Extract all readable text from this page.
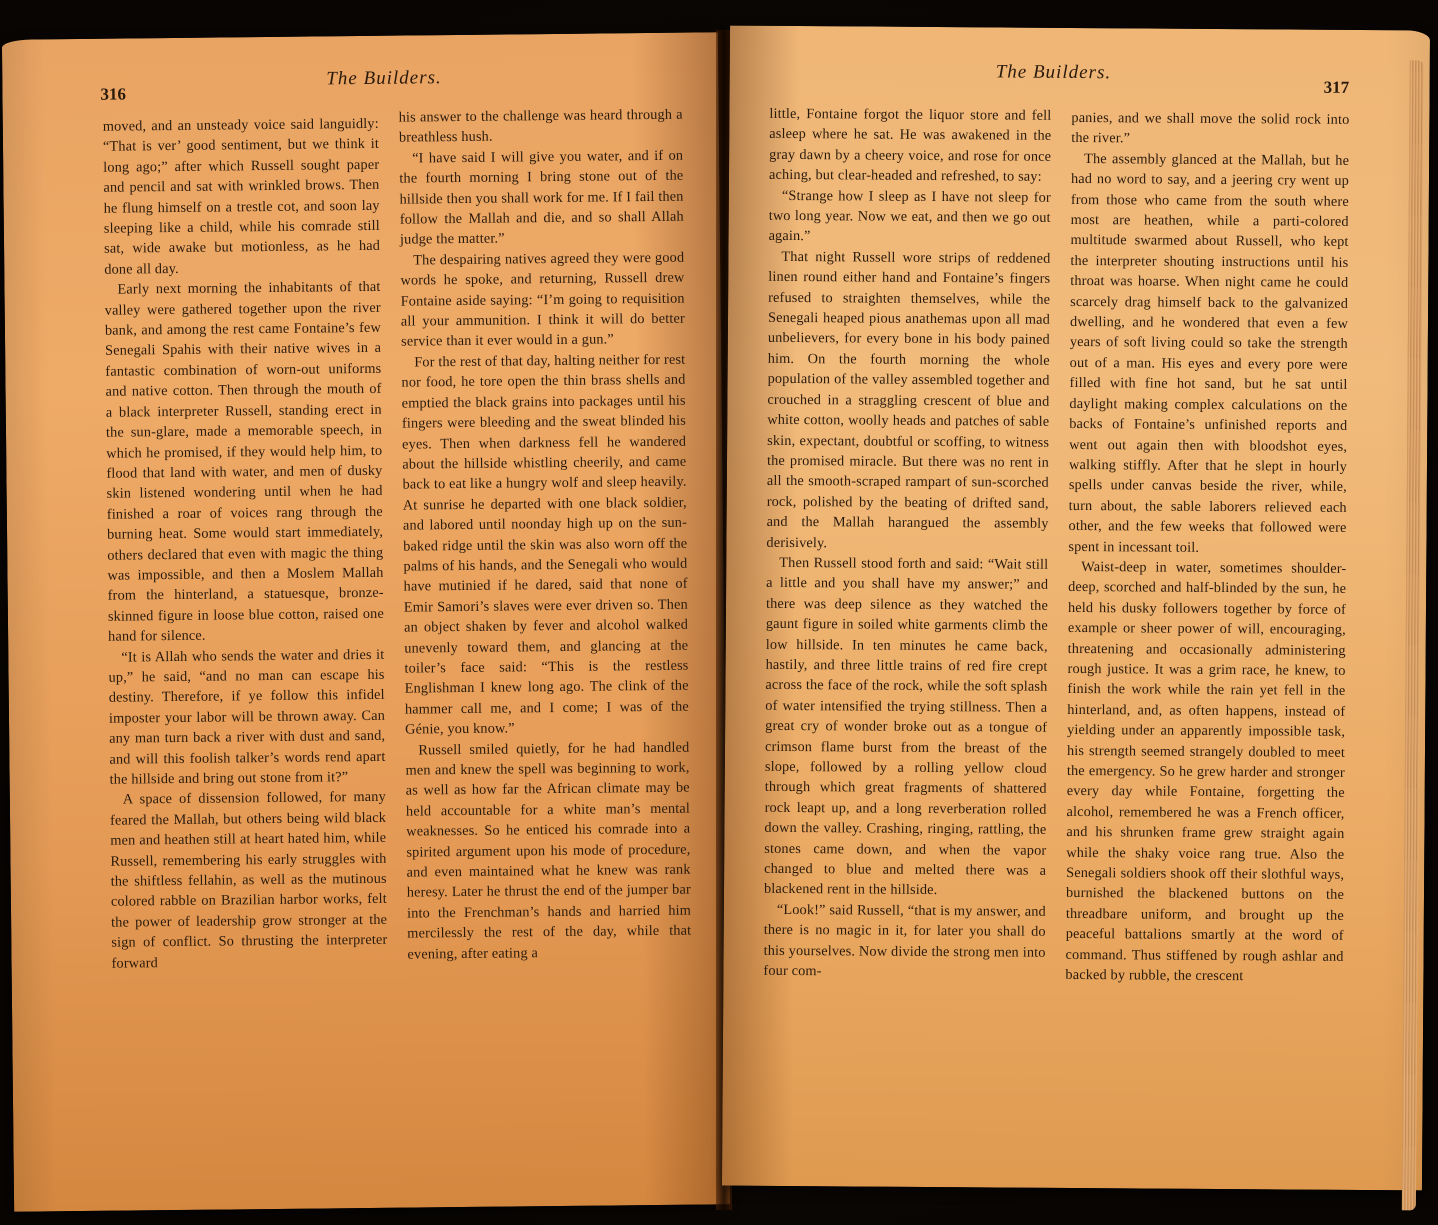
316
The Builders.

moved, and an unsteady voice said languidly: “That is ver’ good sentiment, but we think it long ago;” after which Russell sought paper and pencil and sat with wrinkled brows. Then he flung himself on a trestle cot, and soon lay sleeping like a child, while his comrade still sat, wide awake but motionless, as he had done all day.

Early next morning the inhabitants of that valley were gathered together upon the river bank, and among the rest came Fontaine’s few Senegali Spahis with their native wives in a fantastic combination of worn-out uniforms and native cotton. Then through the mouth of a black interpreter Russell, standing erect in the sun-glare, made a memorable speech, in which he promised, if they would help him, to flood that land with water, and men of dusky skin listened wondering until when he had finished a roar of voices rang through the burning heat. Some would start immediately, others declared that even with magic the thing was impossible, and then a Moslem Mallah from the hinterland, a statuesque, bronze-skinned figure in loose blue cotton, raised one hand for silence.

“It is Allah who sends the water and dries it up,” he said, “and no man can escape his destiny. Therefore, if ye follow this infidel imposter your labor will be thrown away. Can any man turn back a river with dust and sand, and will this foolish talker’s words rend apart the hillside and bring out stone from it?”

A space of dissension followed, for many feared the Mallah, but others being wild black men and heathen still at heart hated him, while Russell, remembering his early struggles with the shiftless fellahin, as well as the mutinous colored rabble on Brazilian harbor works, felt the power of leadership grow stronger at the sign of conflict. So thrusting the interpreter forward

his answer to the challenge was heard through a breathless hush.

“I have said I will give you water, and if on the fourth morning I bring stone out of the hillside then you shall work for me. If I fail then follow the Mallah and die, and so shall Allah judge the matter.”

The despairing natives agreed they were good words he spoke, and returning, Russell drew Fontaine aside saying: “I’m going to requisition all your ammunition. I think it will do better service than it ever would in a gun.”

For the rest of that day, halting neither for rest nor food, he tore open the thin brass shells and emptied the black grains into packages until his fingers were bleeding and the sweat blinded his eyes. Then when darkness fell he wandered about the hillside whistling cheerily, and came back to eat like a hungry wolf and sleep heavily. At sunrise he departed with one black soldier, and labored until noonday high up on the sun-baked ridge until the skin was also worn off the palms of his hands, and the Senegali who would have mutinied if he dared, said that none of Emir Samori’s slaves were ever driven so. Then an object shaken by fever and alcohol walked unevenly toward them, and glancing at the toiler’s face said: “This is the restless Englishman I knew long ago. The clink of the hammer call me, and I come; I was of the Génie, you know.”

Russell smiled quietly, for he had handled men and knew the spell was beginning to work, as well as how far the African climate may be held accountable for a white man’s mental weaknesses. So he enticed his comrade into a spirited argument upon his mode of procedure, and even maintained what he knew was rank heresy. Later he thrust the end of the jumper bar into the Frenchman’s hands and harried him mercilessly the rest of the day, while that evening, after eating a

The Builders.
317

little, Fontaine forgot the liquor store and fell asleep where he sat. He was awakened in the gray dawn by a cheery voice, and rose for once aching, but clear-headed and refreshed, to say:

“Strange how I sleep as I have not sleep for two long year. Now we eat, and then we go out again.”

That night Russell wore strips of reddened linen round either hand and Fontaine’s fingers refused to straighten themselves, while the Senegali heaped pious anathemas upon all mad unbelievers, for every bone in his body pained him. On the fourth morning the whole population of the valley assembled together and crouched in a straggling crescent of blue and white cotton, woolly heads and patches of sable skin, expectant, doubtful or scoffing, to witness the promised miracle. But there was no rent in all the smooth-scraped rampart of sun-scorched rock, polished by the beating of drifted sand, and the Mallah harangued the assembly derisively.

Then Russell stood forth and said: “Wait still a little and you shall have my answer;” and there was deep silence as they watched the gaunt figure in soiled white garments climb the low hillside. In ten minutes he came back, hastily, and three little trains of red fire crept across the face of the rock, while the soft splash of water intensified the trying stillness. Then a great cry of wonder broke out as a tongue of crimson flame burst from the breast of the slope, followed by a rolling yellow cloud through which great fragments of shattered rock leapt up, and a long reverberation rolled down the valley. Crashing, ringing, rattling, the stones came down, and when the vapor changed to blue and melted there was a blackened rent in the hillside.

“Look!” said Russell, “that is my answer, and there is no magic in it, for later you shall do this yourselves. Now divide the strong men into four com-

panies, and we shall move the solid rock into the river.”

The assembly glanced at the Mallah, but he had no word to say, and a jeering cry went up from those who came from the south where most are heathen, while a parti-colored multitude swarmed about Russell, who kept the interpreter shouting instructions until his throat was hoarse. When night came he could scarcely drag himself back to the galvanized dwelling, and he wondered that even a few years of soft living could so take the strength out of a man. His eyes and every pore were filled with fine hot sand, but he sat until daylight making complex calculations on the backs of Fontaine’s unfinished reports and went out again then with bloodshot eyes, walking stiffly. After that he slept in hourly spells under canvas beside the river, while, turn about, the sable laborers relieved each other, and the few weeks that followed were spent in incessant toil.

Waist-deep in water, sometimes shoulder-deep, scorched and half-blinded by the sun, he held his dusky followers together by force of example or sheer power of will, encouraging, threatening and occasionally administering rough justice. It was a grim race, he knew, to finish the work while the rain yet fell in the hinterland, and, as often happens, instead of yielding under an apparently impossible task, his strength seemed strangely doubled to meet the emergency. So he grew harder and stronger every day while Fontaine, forgetting the alcohol, remembered he was a French officer, and his shrunken frame grew straight again while the shaky voice rang true. Also the Senegali soldiers shook off their slothful ways, burnished the blackened buttons on the threadbare uniform, and brought up the peaceful battalions smartly at the word of command. Thus stiffened by rough ashlar and backed by rubble, the crescent
